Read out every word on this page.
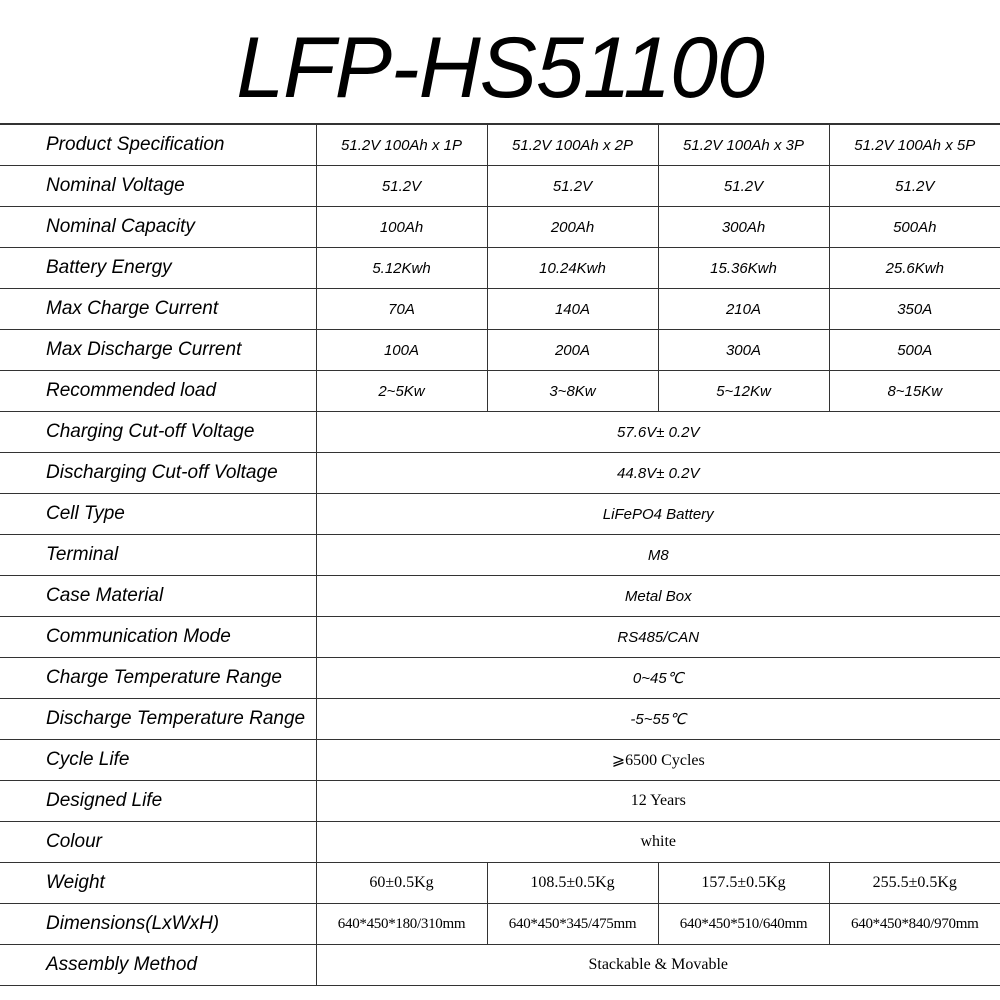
LFP-HS51100
Product Specification	51.2V 100Ah x 1P	51.2V 100Ah x 2P	51.2V 100Ah x 3P	51.2V 100Ah x 5P
Nominal Voltage	51.2V	51.2V	51.2V	51.2V
Nominal Capacity	100Ah	200Ah	300Ah	500Ah
Battery Energy	5.12Kwh	10.24Kwh	15.36Kwh	25.6Kwh
Max Charge Current	70A	140A	210A	350A
Max Discharge Current	100A	200A	300A	500A
Recommended load	2~5Kw	3~8Kw	5~12Kw	8~15Kw
Charging Cut-off Voltage	57.6V± 0.2V			
Discharging Cut-off Voltage	44.8V± 0.2V			
Cell Type	LiFePO4 Battery			
Terminal	M8			
Case Material	Metal Box			
Communication Mode	RS485/CAN			
Charge Temperature Range	0~45℃			
Discharge Temperature Range	-5~55℃			
Cycle Life	⩾6500 Cycles			
Designed Life	12 Years			
Colour	white			
Weight	60±0.5Kg	108.5±0.5Kg	157.5±0.5Kg	255.5±0.5Kg
Dimensions(LxWxH)	640*450*180/310mm	640*450*345/475mm	640*450*510/640mm	640*450*840/970mm
Assembly Method	Stackable & Movable			
